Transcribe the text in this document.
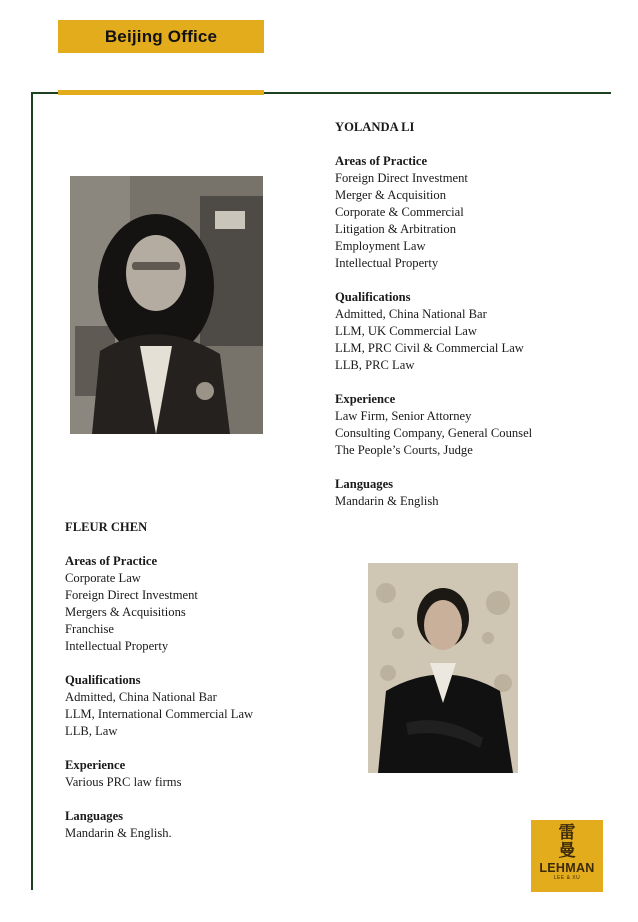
Beijing Office
YOLANDA LI
Areas of Practice
Foreign Direct Investment
Merger & Acquisition
Corporate & Commercial
Litigation & Arbitration
Employment Law
Intellectual Property
Qualifications
Admitted, China National Bar
LLM, UK Commercial Law
LLM, PRC Civil & Commercial Law
LLB, PRC Law
Experience
Law Firm, Senior Attorney
Consulting Company, General Counsel
The People’s Courts, Judge
Languages
Mandarin & English
FLEUR CHEN
Areas of Practice
Corporate Law
Foreign Direct Investment
Mergers & Acquisitions
Franchise
Intellectual Property
Qualifications
Admitted, China National Bar
LLM, International Commercial Law
LLB, Law
Experience
Various PRC law firms
Languages
Mandarin & English.	雷
曼
LEHMAN
LEE & XU
